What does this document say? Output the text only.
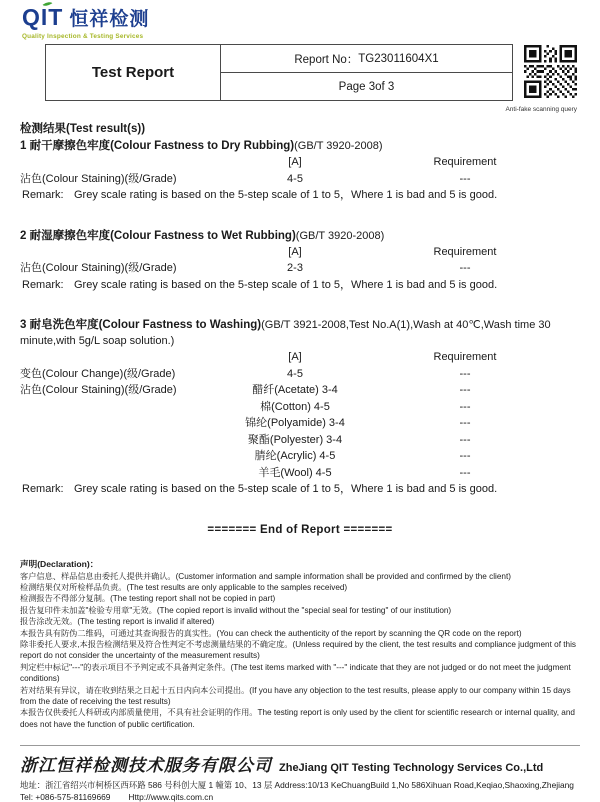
QIT 恒祥检测
Quality Inspection & Testing Services
Test Report
Report No： TG23011604X1
Page 3of 3
Anti-fake scanning query
检测结果(Test result(s))
1 耐干摩擦色牢度(Colour Fastness to Dry Rubbing)(GB/T 3920-2008)
[A]	Requirement
沾色(Colour Staining)(级/Grade)	4-5	---
Remark: Grey scale rating is based on the 5-step scale of 1 to 5，Where 1 is bad and 5 is good.
2 耐湿摩擦色牢度(Colour Fastness to Wet Rubbing)(GB/T 3920-2008)
[A]	Requirement
沾色(Colour Staining)(级/Grade)	2-3	---
Remark: Grey scale rating is based on the 5-step scale of 1 to 5，Where 1 is bad and 5 is good.
3 耐皂洗色牢度(Colour Fastness to Washing)(GB/T 3921-2008,Test No.A(1),Wash at 40℃,Wash time 30 minute,with 5g/L soap solution.)
[A]	Requirement
变色(Colour Change)(级/Grade)	4-5	---
沾色(Colour Staining)(级/Grade)	醋纤(Acetate) 3-4	---
棉(Cotton) 4-5	---
锦纶(Polyamide) 3-4	---
聚酯(Polyester) 3-4	---
腈纶(Acrylic) 4-5	---
羊毛(Wool) 4-5	---
Remark: Grey scale rating is based on the 5-step scale of 1 to 5，Where 1 is bad and 5 is good.
======= End of Report =======
声明(Declaration)：
客户信息、样品信息由委托人提供并确认。(Customer information and sample information shall be provided and confirmed by the client)
检测结果仅对所检样品负责。(The test results are only applicable to the samples received)
检测报告不得部分复制。(The testing report shall not be copied in part)
报告复印件未加盖"检验专用章"无效。(The copied report is invalid without the "special seal for testing" of our institution)
报告涂改无效。(The testing report is invalid if altered)
本报告具有防伪二维码，可通过其查询报告的真实性。(You can check the authenticity of the report by scanning the QR code on the report)
除非委托人要求,本报告检测结果及符合性判定不考虑测量结果的不确定度。(Unless required by the client, the test results and compliance judgment of this report do not consider the uncertainty of the measurement results)
判定栏中标记"---"的表示项目不予判定或不具备判定条件。(The test items marked with "---" indicate that they are not judged or do not meet the judgment conditions)
若对结果有异议，请在收到结果之日起十五日内向本公司提出。(If you have any objection to the test results, please apply to our company within 15 days from the date of receiving the test results)
本报告仅供委托人科研或内部质量使用，不具有社会证明的作用。The testing report is only used by the client for scientific research or internal quality, and does not have the function of public certification.
浙江恒祥检测技术服务有限公司 ZheJiang QIT Testing Technology Services Co.,Ltd
地址：浙江省绍兴市柯桥区西环路 586 号科创大厦 1 幢第 10、13 层 Address:10/13 KeChuangBuild 1,No 586Xihuan Road,Keqiao,Shaoxing,Zhejiang
Tel: +086-575-81169669 Http://www.qits.com.cn
